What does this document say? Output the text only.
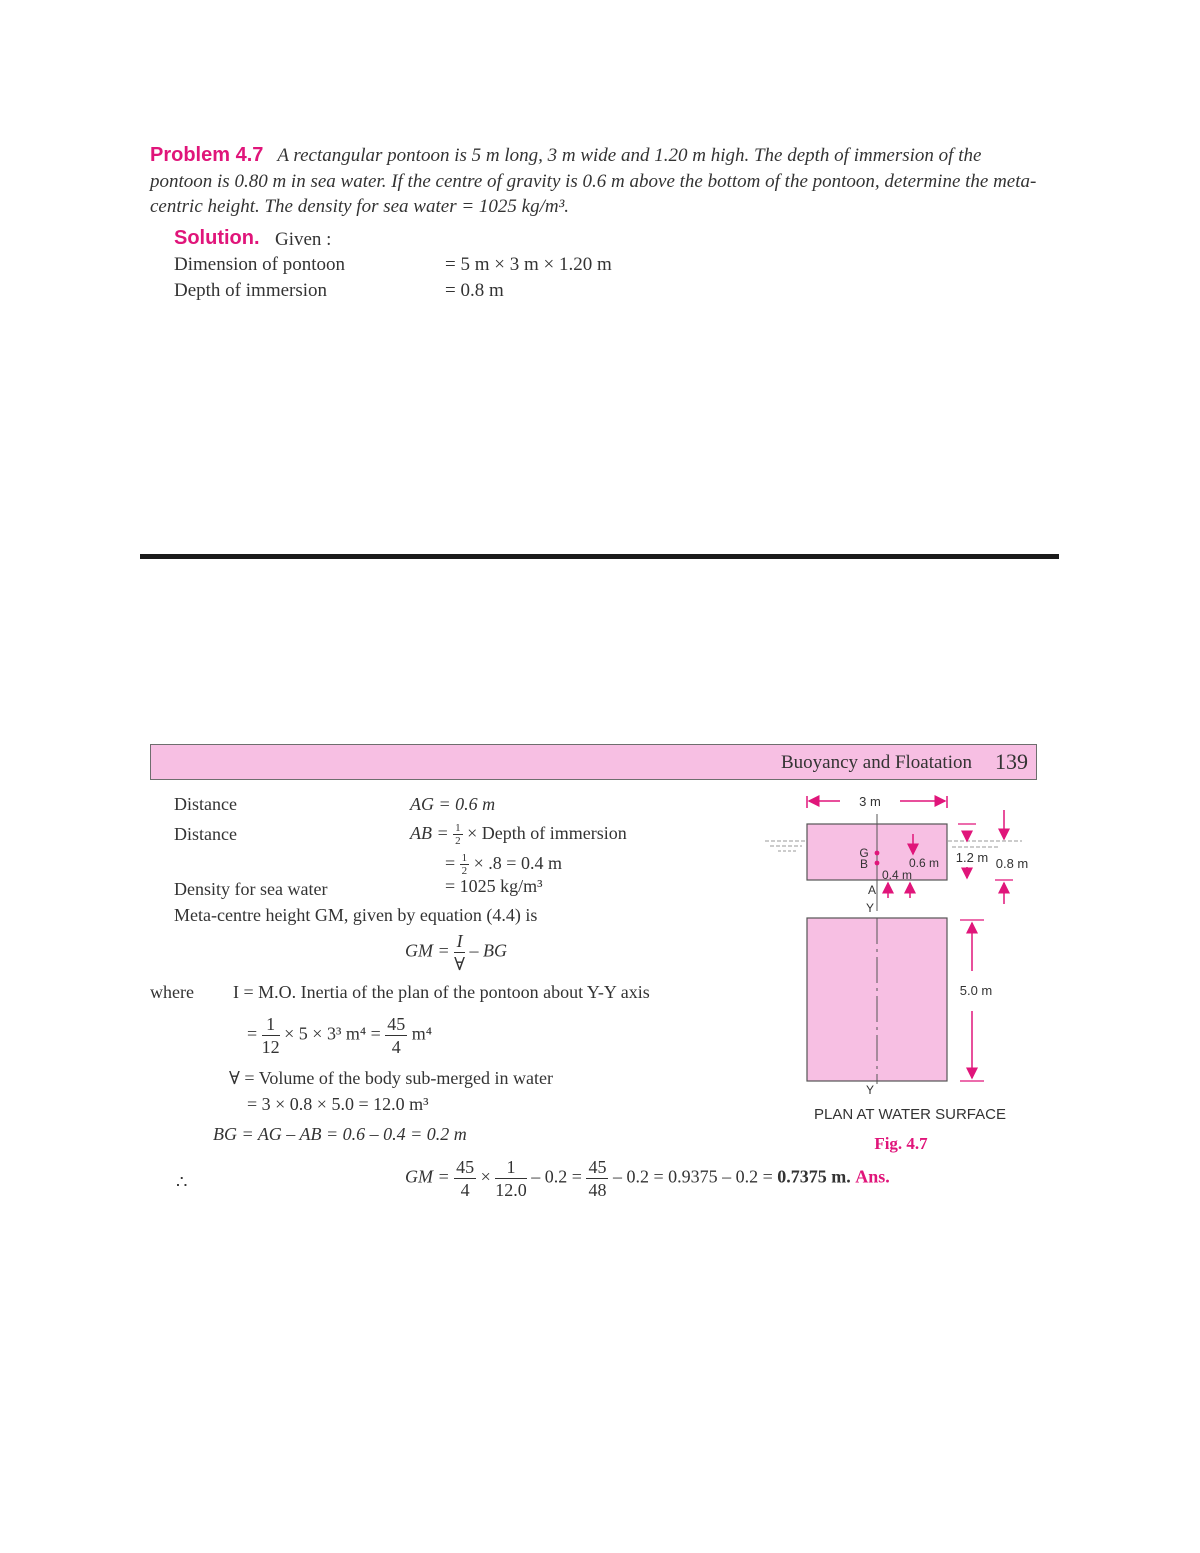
Problem 4.7 A rectangular pontoon is 5 m long, 3 m wide and 1.20 m high. The depth of immersion of the pontoon is 0.80 m in sea water. If the centre of gravity is 0.6 m above the bottom of the pontoon, determine the meta-centric height. The density for sea water = 1025 kg/m³.
Solution. Given :
Dimension of pontoon	= 5 m × 3 m × 1.20 m
Depth of immersion	= 0.8 m
Buoyancy and Floatation 139
Distance	AG = 0.6 m
Distance	AB = $\frac{1}{2}$ × Depth of immersion
= $\frac{1}{2} \times .8 = 0.4$ m
Density for sea water	= 1025 kg/m³
Meta-centre height GM, given by equation (4.4) is
GM = $\frac{I}{\forall}$ – BG
where I = M.O. Inertia of the plan of the pontoon about Y-Y axis
= $\frac{1}{12} \times 5 \times 3^3$ $m^4 = \frac{45}{4} m^4$
∀ = Volume of the body sub-merged in water
= 3 × 0.8 × 5.0 = 12.0 m³
BG = AG – AB = 0.6 – 0.4 = 0.2 m
∴	GM = $\frac{45}{4} \times \frac{1}{12.0} - 0.2 = \frac{45}{48} - 0.2 = 0.9375 - 0.2 = 0.7375$ m. Ans.
3 m
G
B
A
Y
0.6 m
0.4 m
1.2 m 0.8 m
Y
5.0 m
PLAN AT WATER SURFACE
Fig. 4.7
